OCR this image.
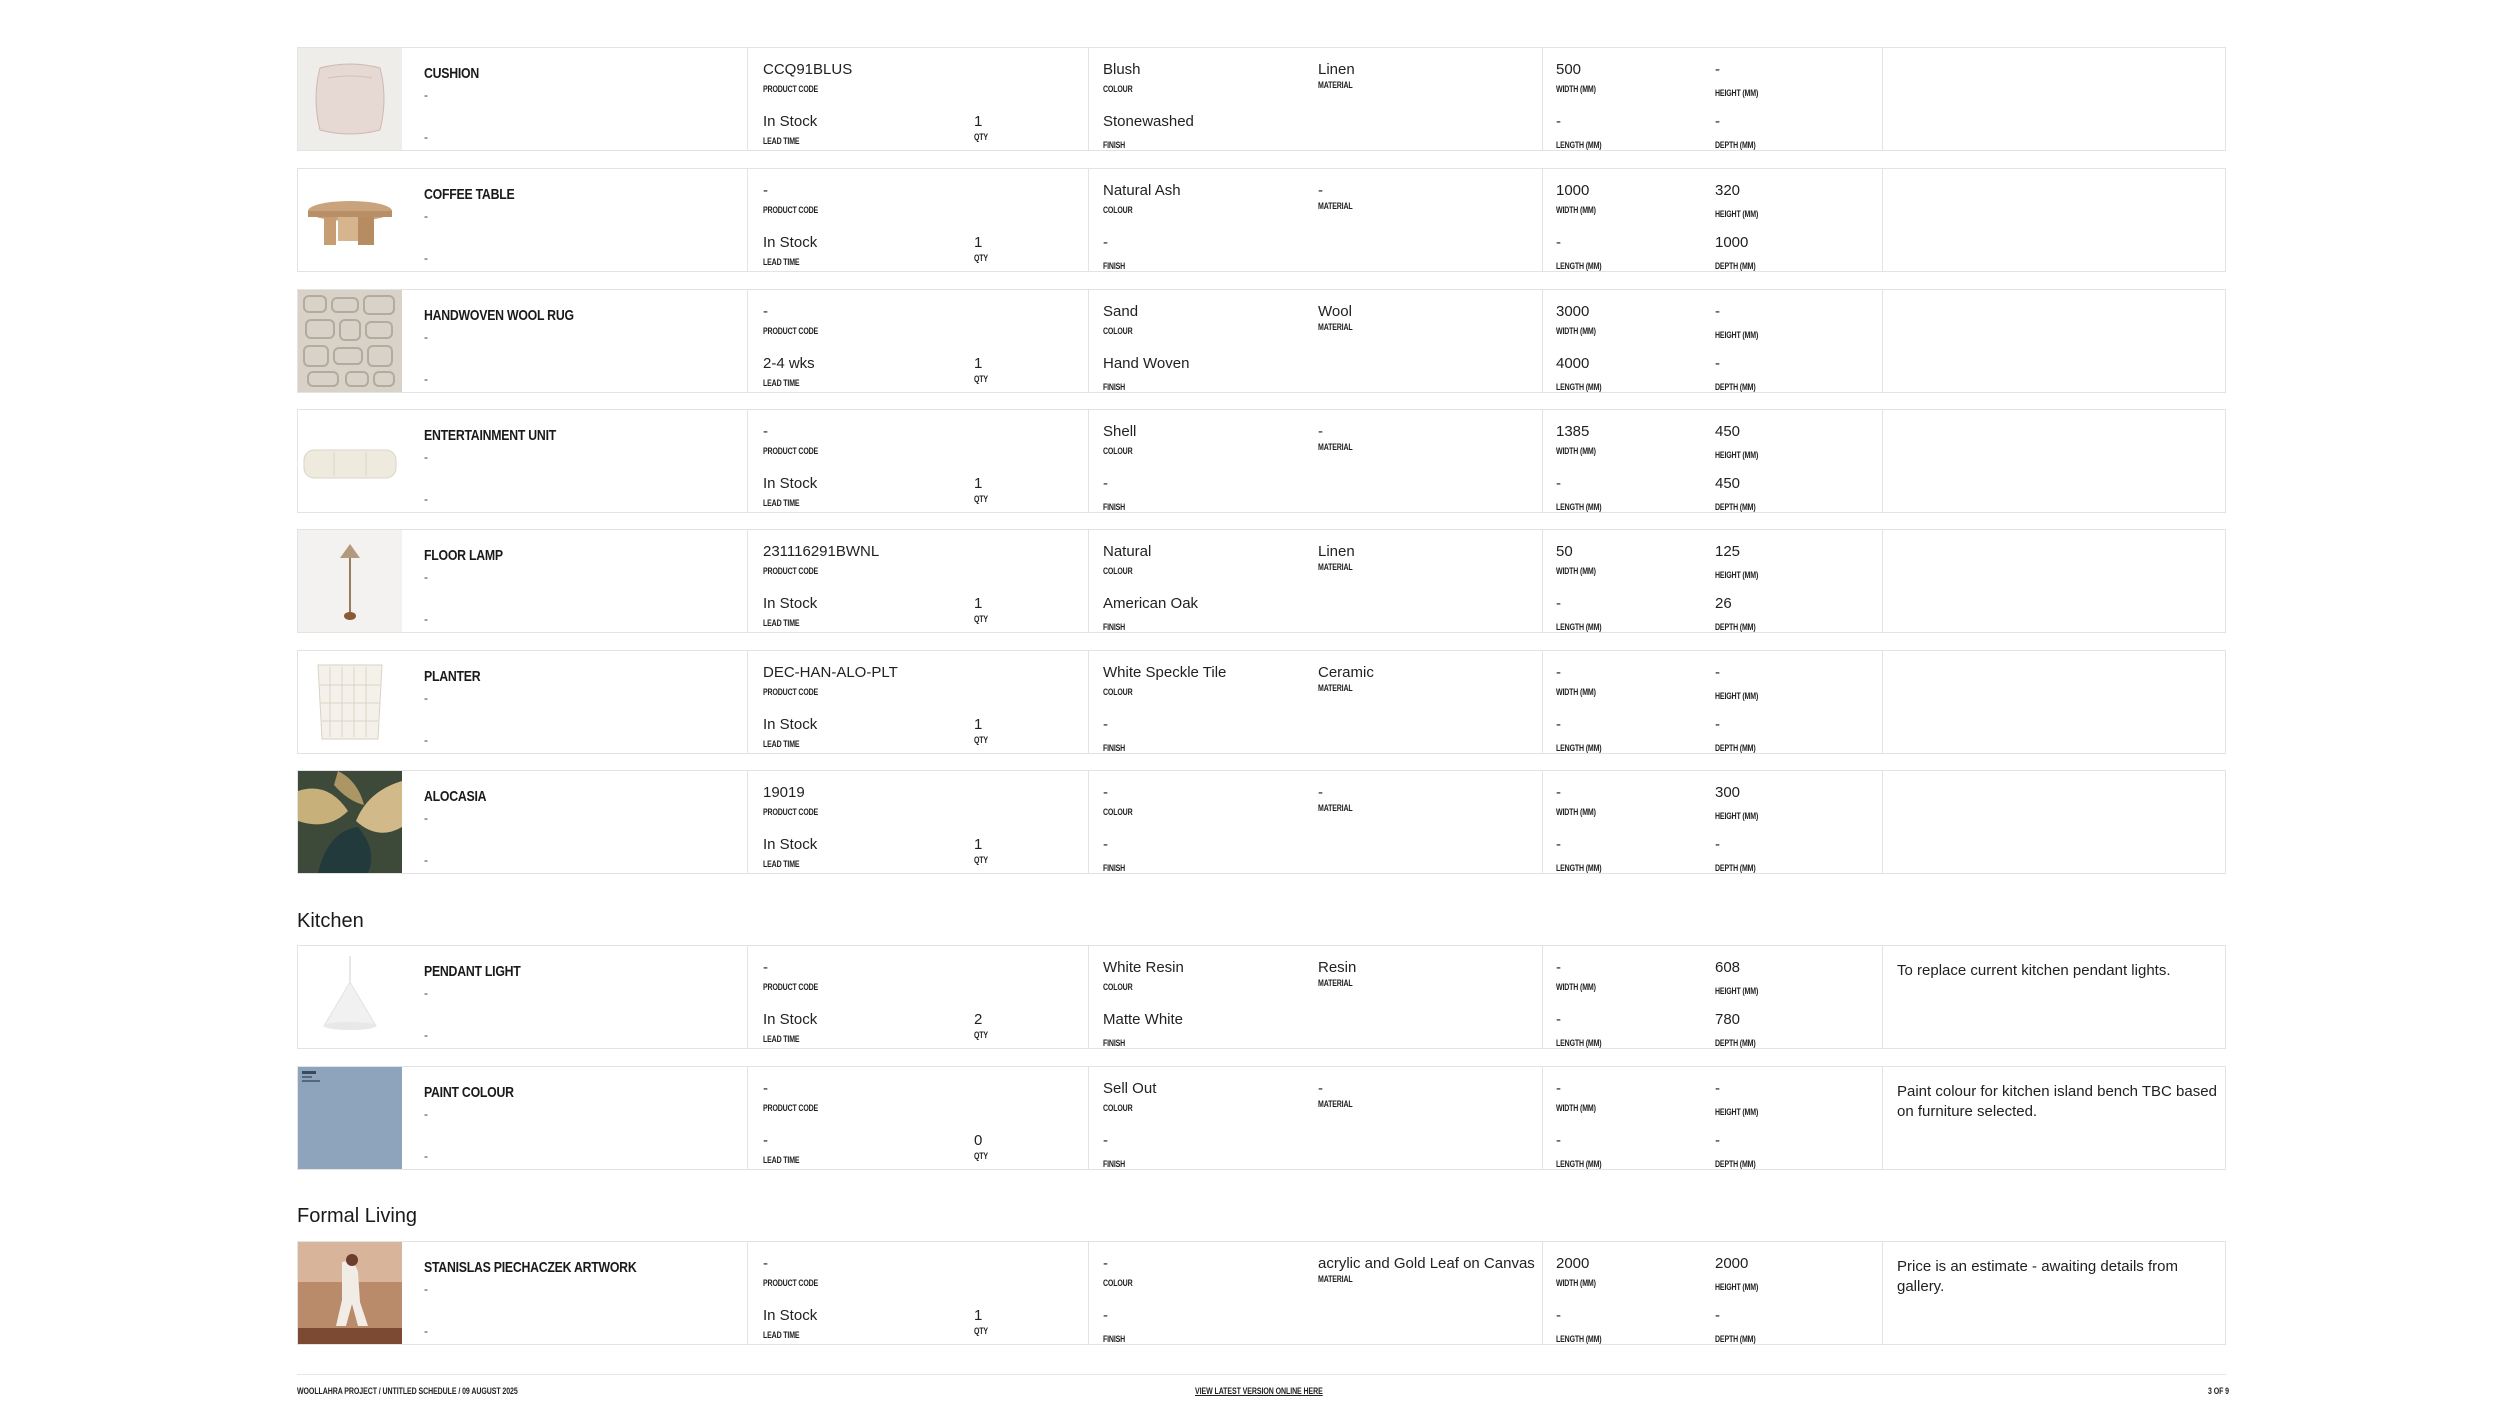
Kitchen
Formal Living
CUSHION
-
-
CCQ91BLUS
PRODUCT CODE
In Stock
LEAD TIME
1
QTY
Blush
COLOUR
Linen
MATERIAL
Stonewashed
FINISH
500
WIDTH (MM)
-
HEIGHT (MM)
-
LENGTH (MM)
-
DEPTH (MM)
COFFEE TABLE
-
-
-
PRODUCT CODE
In Stock
LEAD TIME
1
QTY
Natural Ash
COLOUR
-
MATERIAL
-
FINISH
1000
WIDTH (MM)
320
HEIGHT (MM)
-
LENGTH (MM)
1000
DEPTH (MM)
HANDWOVEN WOOL RUG
-
-
-
PRODUCT CODE
2-4 wks
LEAD TIME
1
QTY
Sand
COLOUR
Wool
MATERIAL
Hand Woven
FINISH
3000
WIDTH (MM)
-
HEIGHT (MM)
4000
LENGTH (MM)
-
DEPTH (MM)
ENTERTAINMENT UNIT
-
-
-
PRODUCT CODE
In Stock
LEAD TIME
1
QTY
Shell
COLOUR
-
MATERIAL
-
FINISH
1385
WIDTH (MM)
450
HEIGHT (MM)
-
LENGTH (MM)
450
DEPTH (MM)
FLOOR LAMP
-
-
231116291BWNL
PRODUCT CODE
In Stock
LEAD TIME
1
QTY
Natural
COLOUR
Linen
MATERIAL
American Oak
FINISH
50
WIDTH (MM)
125
HEIGHT (MM)
-
LENGTH (MM)
26
DEPTH (MM)
PLANTER
-
-
DEC-HAN-ALO-PLT
PRODUCT CODE
In Stock
LEAD TIME
1
QTY
White Speckle Tile
COLOUR
Ceramic
MATERIAL
-
FINISH
-
WIDTH (MM)
-
HEIGHT (MM)
-
LENGTH (MM)
-
DEPTH (MM)
ALOCASIA
-
-
19019
PRODUCT CODE
In Stock
LEAD TIME
1
QTY
-
COLOUR
-
MATERIAL
-
FINISH
-
WIDTH (MM)
300
HEIGHT (MM)
-
LENGTH (MM)
-
DEPTH (MM)
PENDANT LIGHT
-
-
-
PRODUCT CODE
In Stock
LEAD TIME
2
QTY
White Resin
COLOUR
Resin
MATERIAL
Matte White
FINISH
-
WIDTH (MM)
608
HEIGHT (MM)
-
LENGTH (MM)
780
DEPTH (MM)
To replace current kitchen pendant lights.
PAINT COLOUR
-
-
-
PRODUCT CODE
-
LEAD TIME
0
QTY
Sell Out
COLOUR
-
MATERIAL
-
FINISH
-
WIDTH (MM)
-
HEIGHT (MM)
-
LENGTH (MM)
-
DEPTH (MM)
Paint colour for kitchen island bench TBC based on furniture selected.
STANISLAS PIECHACZEK ARTWORK
-
-
-
PRODUCT CODE
In Stock
LEAD TIME
1
QTY
-
COLOUR
acrylic and Gold Leaf on Canvas
MATERIAL
-
FINISH
2000
WIDTH (MM)
2000
HEIGHT (MM)
-
LENGTH (MM)
-
DEPTH (MM)
Price is an estimate - awaiting details from gallery.
WOOLLAHRA PROJECT / UNTITLED SCHEDULE / 09 AUGUST 2025	VIEW LATEST VERSION ONLINE HERE	3 OF 9
